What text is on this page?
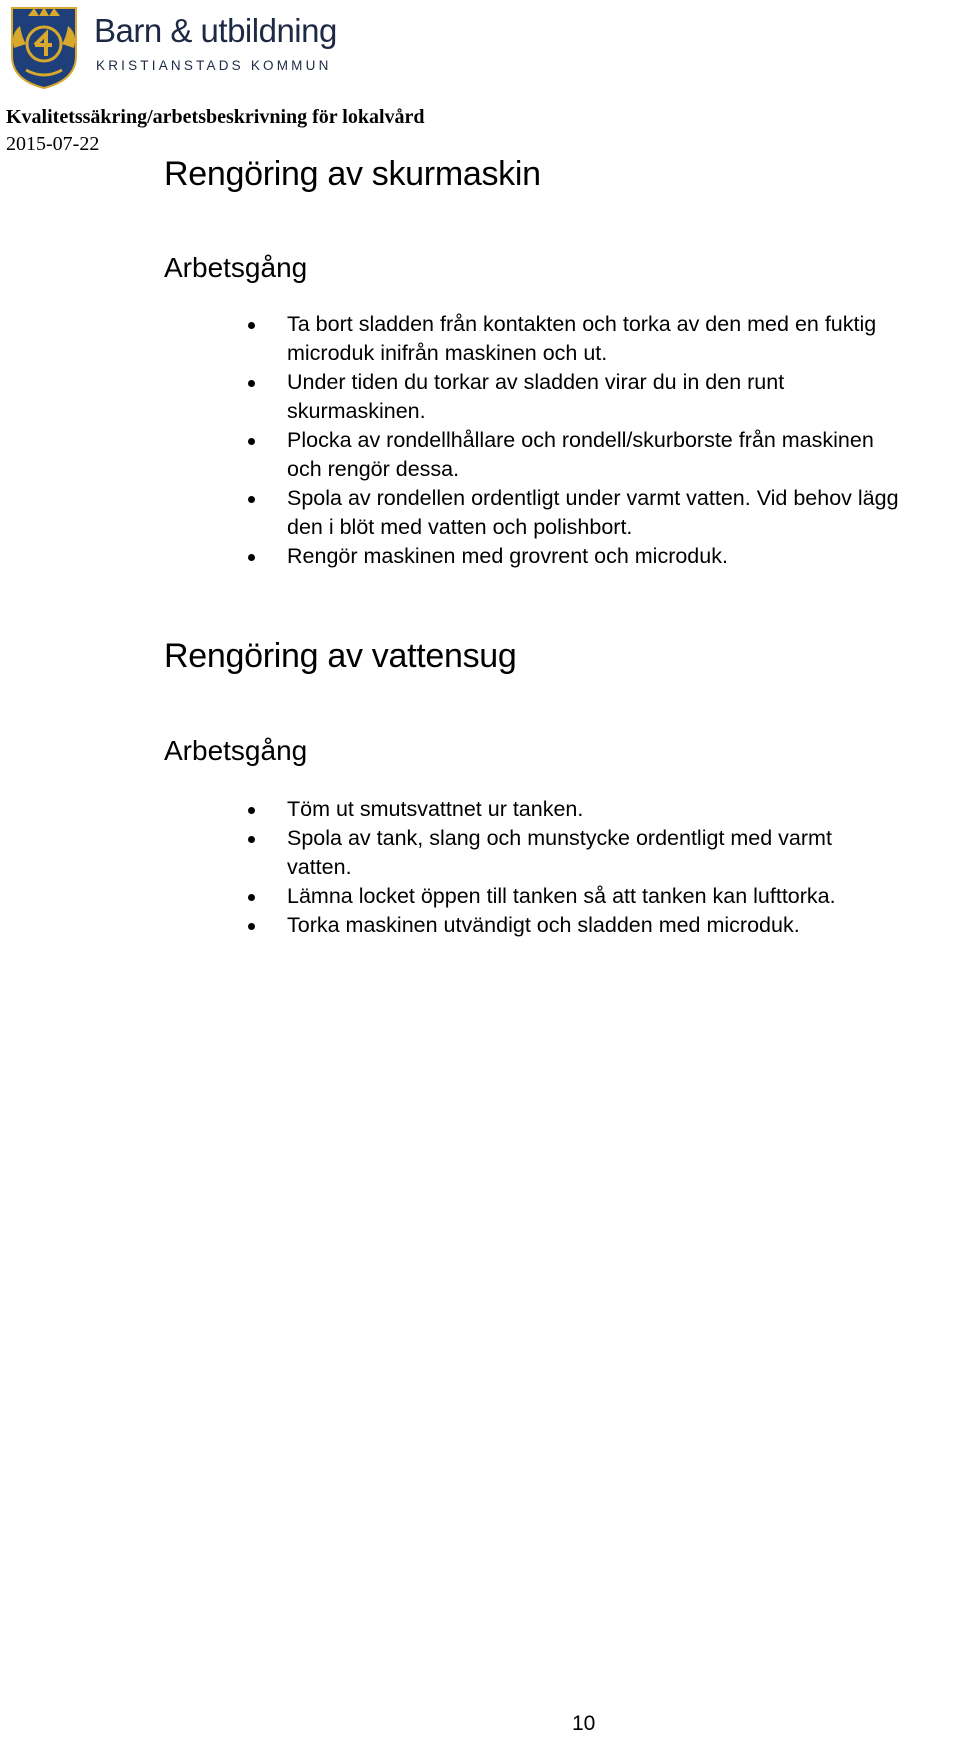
Barn & utbildning
KRISTIANSTADS KOMMUN
Kvalitetssäkring/arbetsbeskrivning för lokalvård
2015-07-22
Rengöring av skurmaskin
Arbetsgång
Ta bort sladden från kontakten och torka av den med en fuktig
microduk inifrån maskinen och ut.
Under tiden du torkar av sladden virar du in den runt
skurmaskinen.
Plocka av rondellhållare och rondell/skurborste från maskinen
och rengör dessa.
Spola av rondellen ordentligt under varmt vatten. Vid behov lägg
den i blöt med vatten och polishbort.
Rengör maskinen med grovrent och microduk.
Rengöring av vattensug
Arbetsgång
Töm ut smutsvattnet ur tanken.
Spola av tank, slang och munstycke ordentligt med varmt
vatten.
Lämna locket öppen till tanken så att tanken kan lufttorka.
Torka maskinen utvändigt och sladden med microduk.
10
